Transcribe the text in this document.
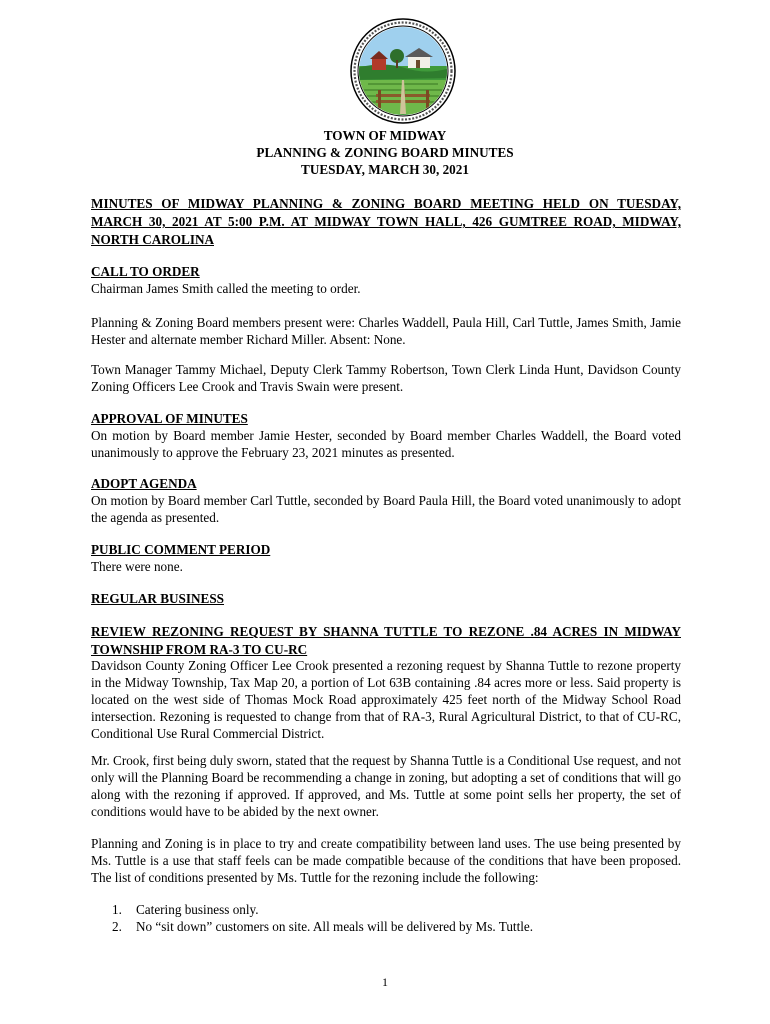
TOWN OF MIDWAY
PLANNING & ZONING BOARD MINUTES
TUESDAY, MARCH 30, 2021
MINUTES OF MIDWAY PLANNING & ZONING BOARD MEETING HELD ON TUESDAY, MARCH 30, 2021 AT 5:00 P.M. AT MIDWAY TOWN HALL, 426 GUMTREE ROAD, MIDWAY, NORTH CAROLINA
CALL TO ORDER
Chairman James Smith called the meeting to order.
Planning & Zoning Board members present were: Charles Waddell, Paula Hill, Carl Tuttle, James Smith, Jamie Hester and alternate member Richard Miller. Absent: None.
Town Manager Tammy Michael, Deputy Clerk Tammy Robertson, Town Clerk Linda Hunt, Davidson County Zoning Officers Lee Crook and Travis Swain were present.
APPROVAL OF MINUTES
On motion by Board member Jamie Hester, seconded by Board member Charles Waddell, the Board voted unanimously to approve the February 23, 2021 minutes as presented.
ADOPT AGENDA
On motion by Board member Carl Tuttle, seconded by Board Paula Hill, the Board voted unanimously to adopt the agenda as presented.
PUBLIC COMMENT PERIOD
There were none.
REGULAR BUSINESS
REVIEW REZONING REQUEST BY SHANNA TUTTLE TO REZONE .84 ACRES IN MIDWAY TOWNSHIP FROM RA-3 TO CU-RC
Davidson County Zoning Officer Lee Crook presented a rezoning request by Shanna Tuttle to rezone property in the Midway Township, Tax Map 20, a portion of Lot 63B containing .84 acres more or less. Said property is located on the west side of Thomas Mock Road approximately 425 feet north of the Midway School Road intersection. Rezoning is requested to change from that of RA-3, Rural Agricultural District, to that of CU-RC, Conditional Use Rural Commercial District.
Mr. Crook, first being duly sworn, stated that the request by Shanna Tuttle is a Conditional Use request, and not only will the Planning Board be recommending a change in zoning, but adopting a set of conditions that will go along with the rezoning if approved. If approved, and Ms. Tuttle at some point sells her property, the set of conditions would have to be abided by the next owner.
Planning and Zoning is in place to try and create compatibility between land uses. The use being presented by Ms. Tuttle is a use that staff feels can be made compatible because of the conditions that have been proposed. The list of conditions presented by Ms. Tuttle for the rezoning include the following:
1.	Catering business only.
2.	No “sit down” customers on site. All meals will be delivered by Ms. Tuttle.
1
